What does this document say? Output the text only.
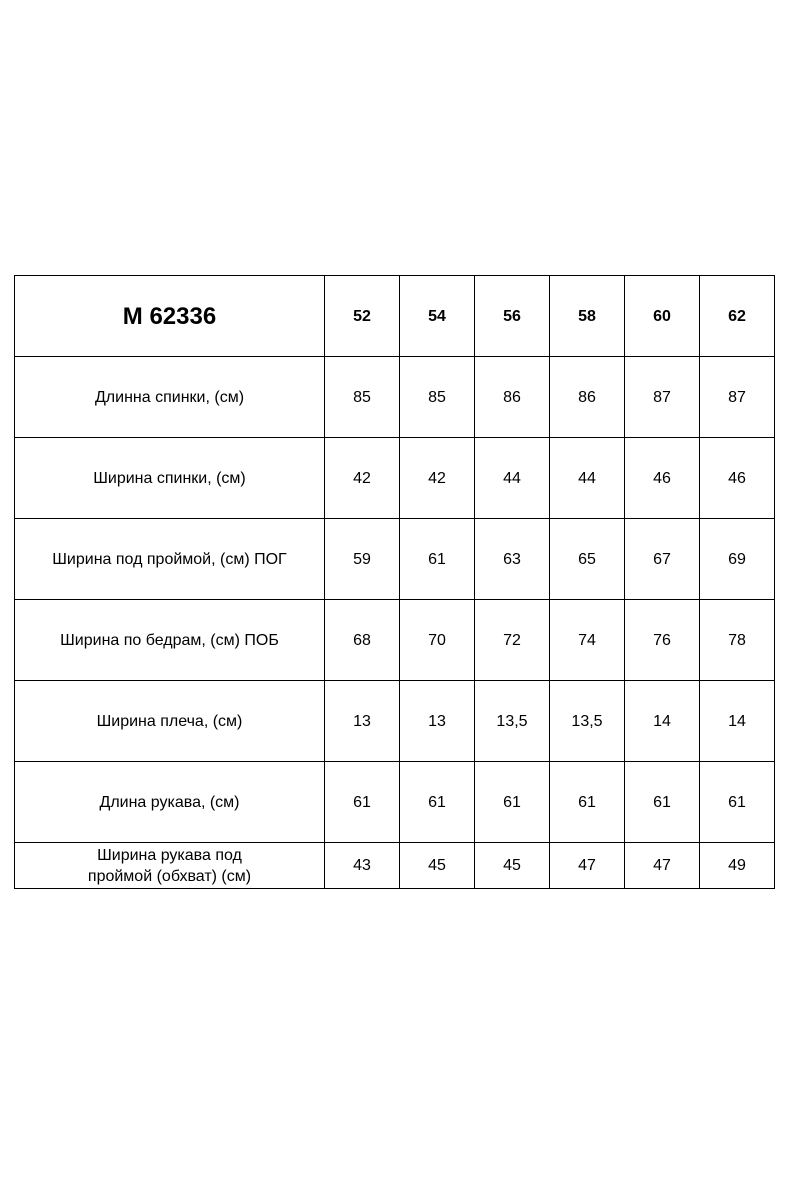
М 62336	52	54	56	58	60	62
Длинна спинки, (см)	85	85	86	86	87	87
Ширина спинки, (см)	42	42	44	44	46	46
Ширина под проймой, (см) ПОГ	59	61	63	65	67	69
Ширина по бедрам, (см) ПОБ	68	70	72	74	76	78
Ширина плеча, (см)	13	13	13,5	13,5	14	14
Длина рукава, (см)	61	61	61	61	61	61

Ширина рукава под
проймой (обхват) (см)	43	45	45	47	47	49
